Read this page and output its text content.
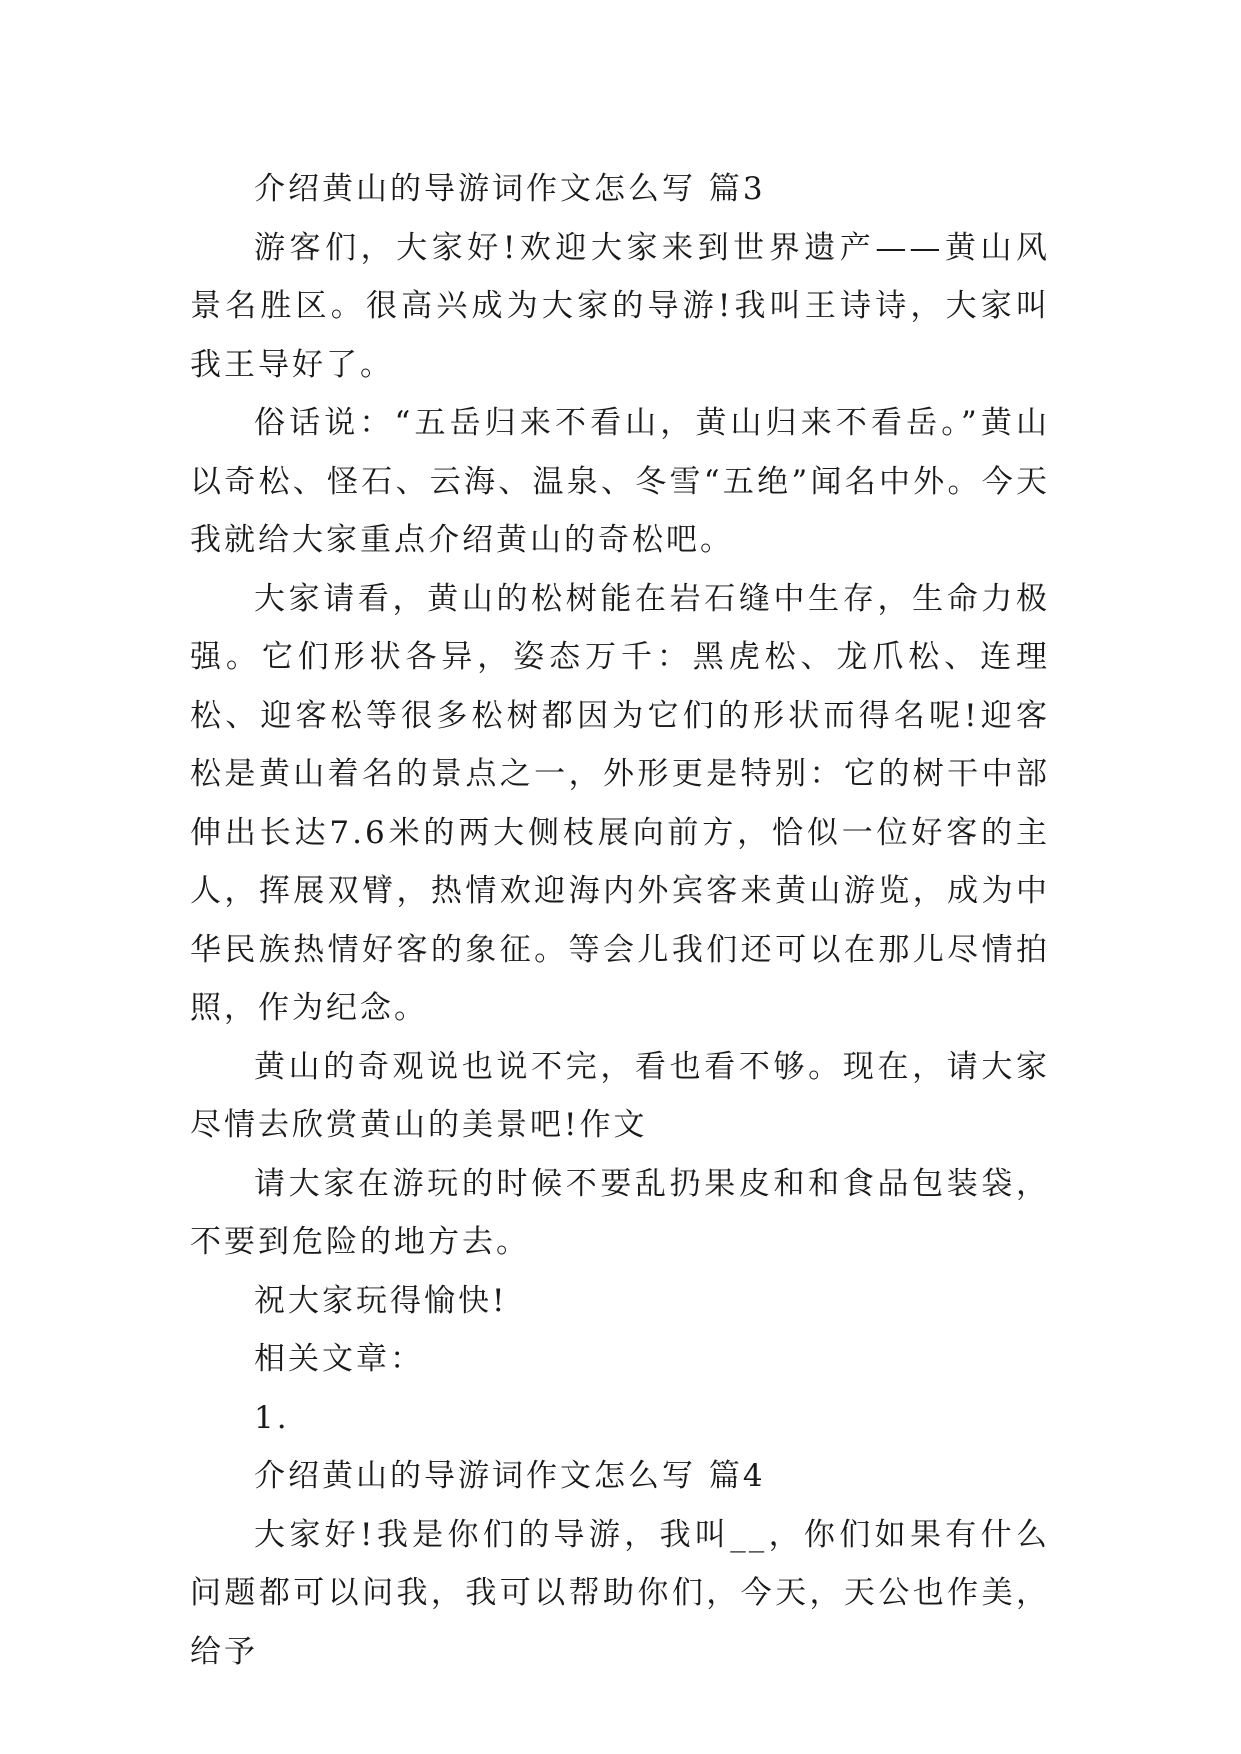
介绍黄山的导游词作文怎么写 篇3

游客们，大家好!欢迎大家来到世界遗产——黄山风景名胜区。很高兴成为大家的导游!我叫王诗诗，大家叫我王导好了。

俗话说：“五岳归来不看山，黄山归来不看岳。”黄山以奇松、怪石、云海、温泉、冬雪“五绝”闻名中外。今天我就给大家重点介绍黄山的奇松吧。

大家请看，黄山的松树能在岩石缝中生存，生命力极强。它们形状各异，姿态万千：黑虎松、龙爪松、连理松、迎客松等很多松树都因为它们的形状而得名呢!迎客松是黄山着名的景点之一，外形更是特别：它的树干中部伸出长达7.6米的两大侧枝展向前方，恰似一位好客的主人，挥展双臂，热情欢迎海内外宾客来黄山游览，成为中华民族热情好客的象征。等会儿我们还可以在那儿尽情拍照，作为纪念。

黄山的奇观说也说不完，看也看不够。现在，请大家尽情去欣赏黄山的美景吧!作文

请大家在游玩的时候不要乱扔果皮和和食品包装袋，不要到危险的地方去。

祝大家玩得愉快!

相关文章：

1.

介绍黄山的导游词作文怎么写 篇4

大家好!我是你们的导游，我叫__，你们如果有什么问题都可以问我，我可以帮助你们，今天，天公也作美，给予
